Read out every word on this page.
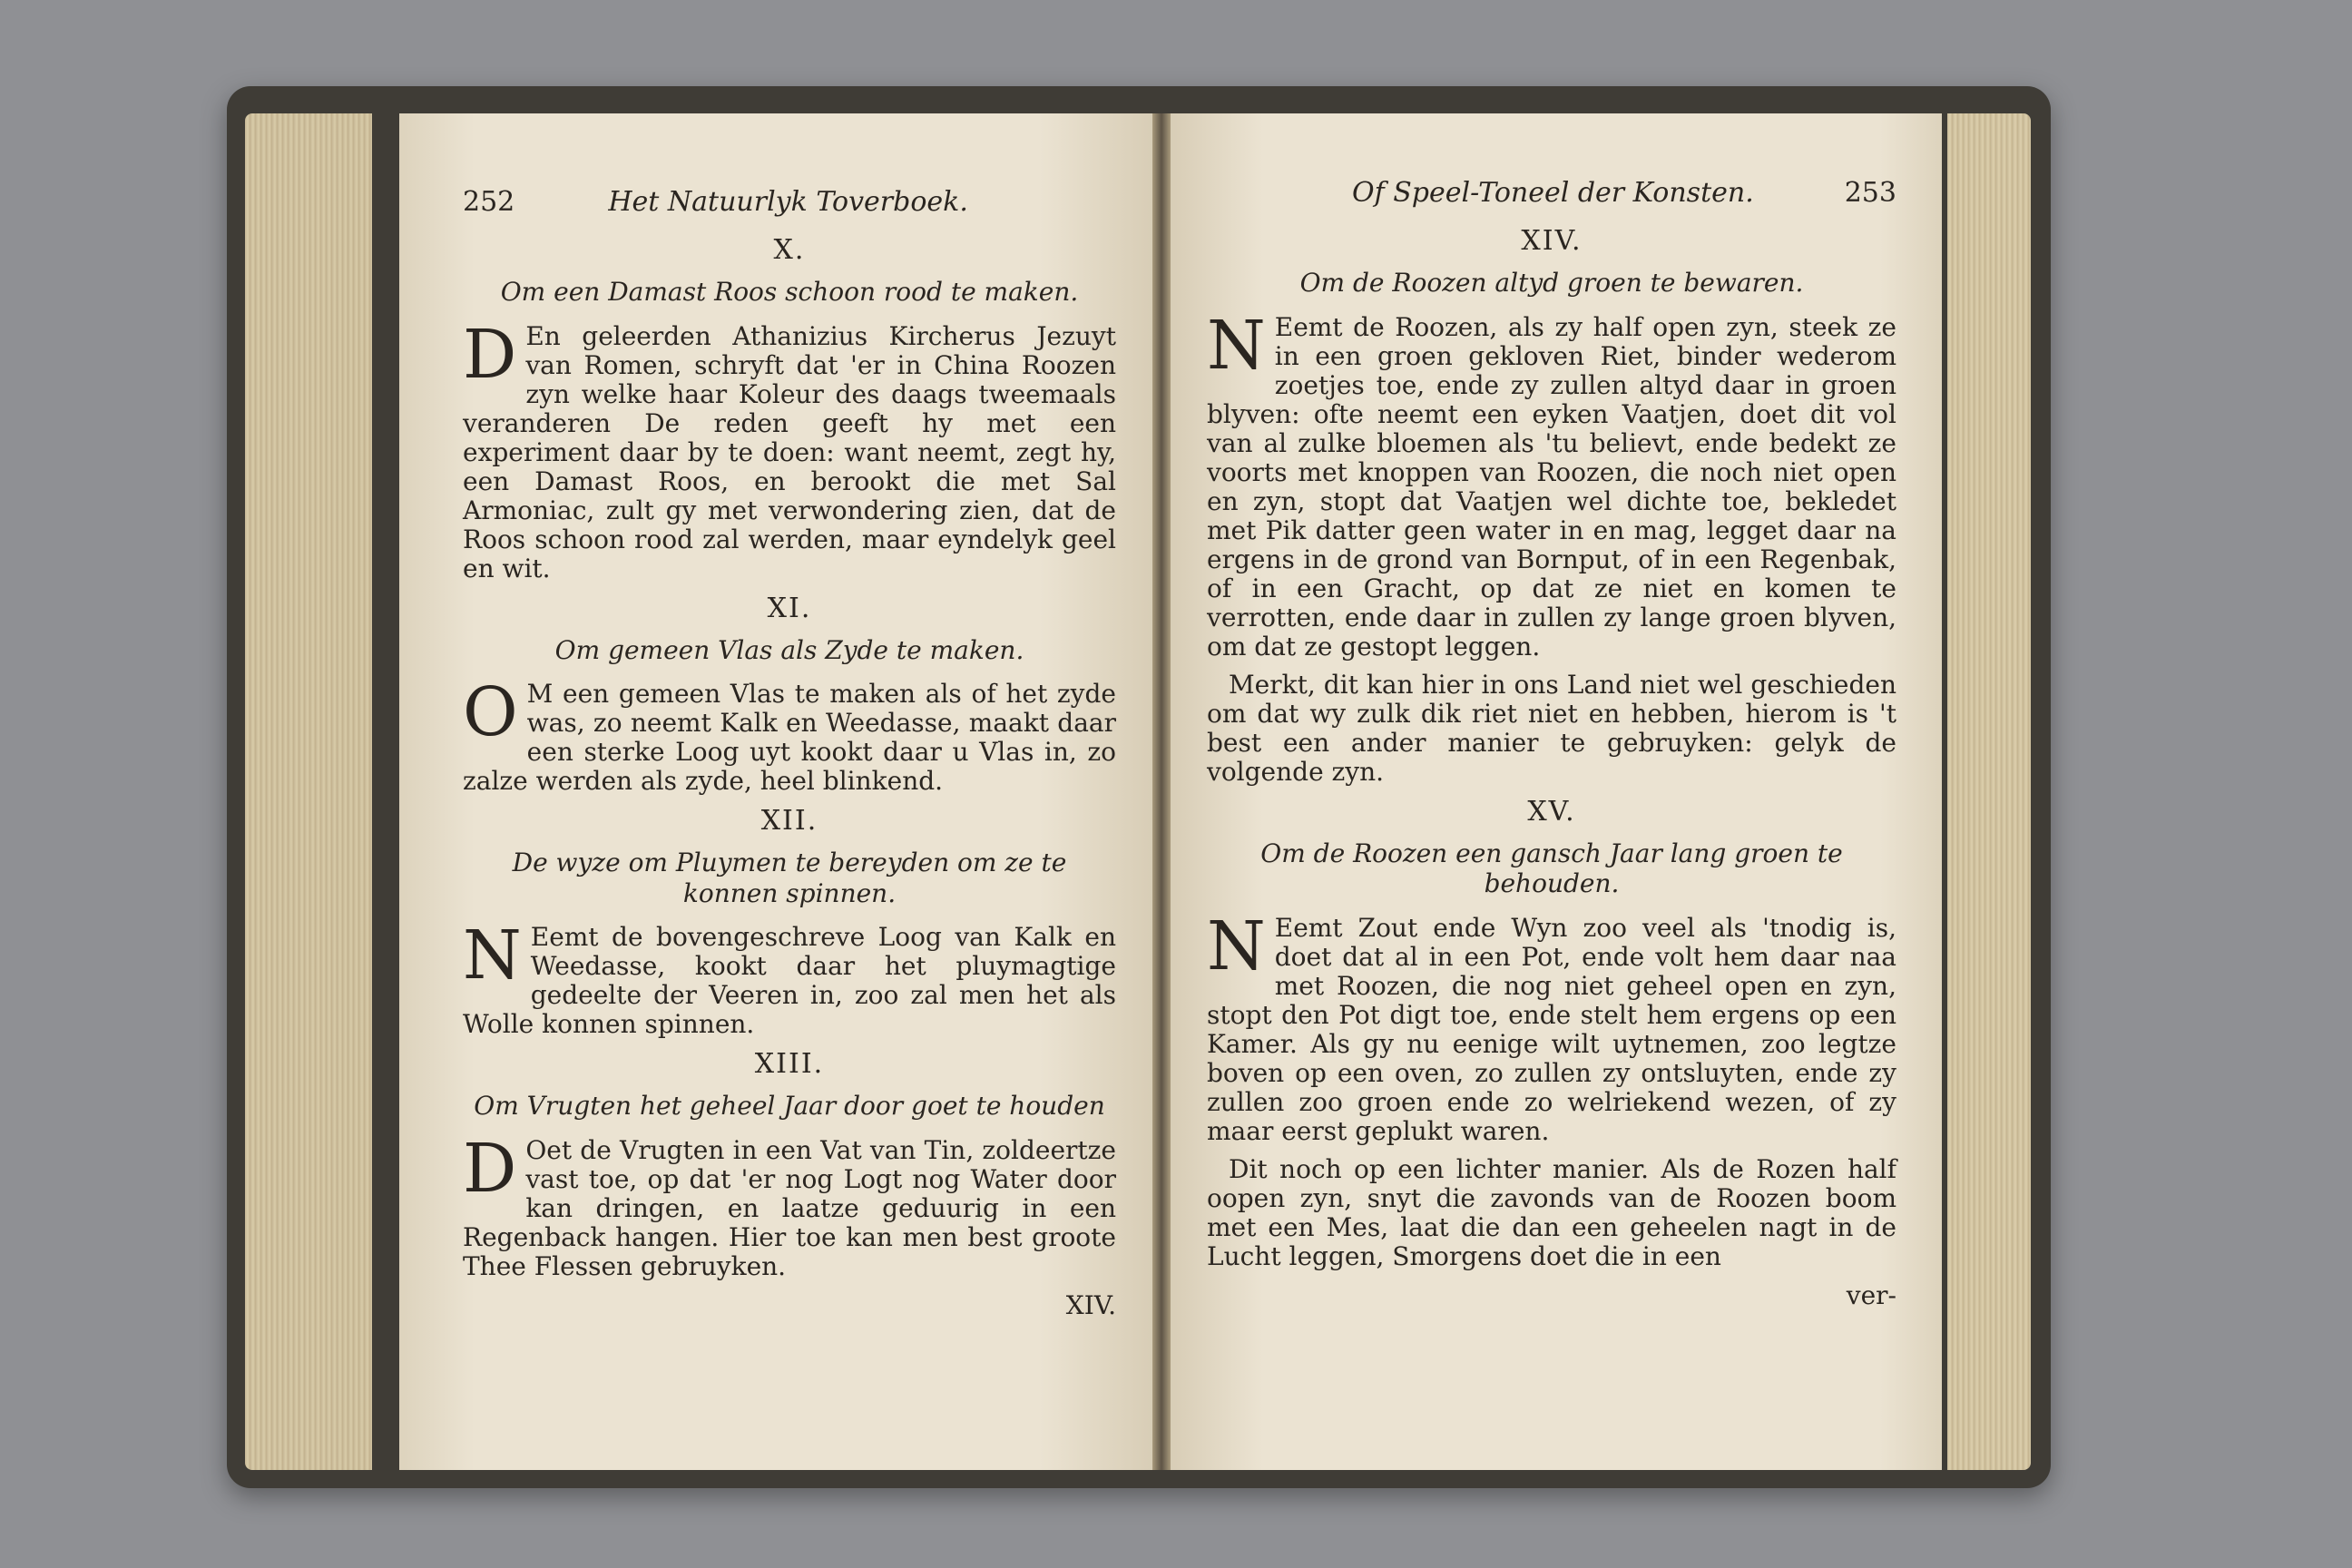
252	Het Natuurlyk Toverboek.
X.
Om een Damast Roos schoon rood te maken.

D En geleerden Athanizius Kircherus Jezuyt van Romen, schryft dat 'er in China Roozen zyn welke haar Koleur des daags tweemaals veranderen De reden geeft hy met een experiment daar by te doen: want neemt, zegt hy, een Damast Roos, en berookt die met Sal Armoniac, zult gy met verwondering zien, dat de Roos schoon rood zal werden, maar eyndelyk geel en wit.

XI.
Om gemeen Vlas als Zyde te maken.

O M een gemeen Vlas te maken als of het zyde was, zo neemt Kalk en Weedasse, maakt daar een sterke Loog uyt kookt daar u Vlas in, zo zalze werden als zyde, heel blinkend.

XII.
De wyze om Pluymen te bereyden om ze te konnen spinnen.

N Eemt de bovengeschreve Loog van Kalk en Weedasse, kookt daar het pluymagtige gedeelte der Veeren in, zoo zal men het als Wolle konnen spinnen.

XIII.
Om Vrugten het geheel Jaar door goet te houden

D Oet de Vrugten in een Vat van Tin, zoldeertze vast toe, op dat 'er nog Logt nog Water door kan dringen, en laatze geduurig in een Regenback hangen. Hier toe kan men best groote Thee Flessen gebruyken.

XIV.
Of Speel-Toneel der Konsten.	253
XIV.
Om de Roozen altyd groen te bewaren.

N Eemt de Roozen, als zy half open zyn, steek ze in een groen gekloven Riet, binder wederom zoetjes toe, ende zy zullen altyd daar in groen blyven: ofte neemt een eyken Vaatjen, doet dit vol van al zulke bloemen als 'tu believt, ende bedekt ze voorts met knoppen van Roozen, die noch niet open en zyn, stopt dat Vaatjen wel dichte toe, bekledet met Pik datter geen water in en mag, legget daar na ergens in de grond van Bornput, of in een Regenbak, of in een Gracht, op dat ze niet en komen te verrotten, ende daar in zullen zy lange groen blyven, om dat ze gestopt leggen.

Merkt, dit kan hier in ons Land niet wel geschieden om dat wy zulk dik riet niet en hebben, hierom is 't best een ander manier te gebruyken: gelyk de volgende zyn.

XV.
Om de Roozen een gansch Jaar lang groen te behouden.

N Eemt Zout ende Wyn zoo veel als 'tnodig is, doet dat al in een Pot, ende volt hem daar naa met Roozen, die nog niet geheel open en zyn, stopt den Pot digt toe, ende stelt hem ergens op een Kamer. Als gy nu eenige wilt uytnemen, zoo legtze boven op een oven, zo zullen zy ontsluyten, ende zy zullen zoo groen ende zo welriekend wezen, of zy maar eerst geplukt waren.

Dit noch op een lichter manier. Als de Rozen half oopen zyn, snyt die zavonds van de Roozen boom met een Mes, laat die dan een geheelen nagt in de Lucht leggen, Smorgens doet die in een

ver-
